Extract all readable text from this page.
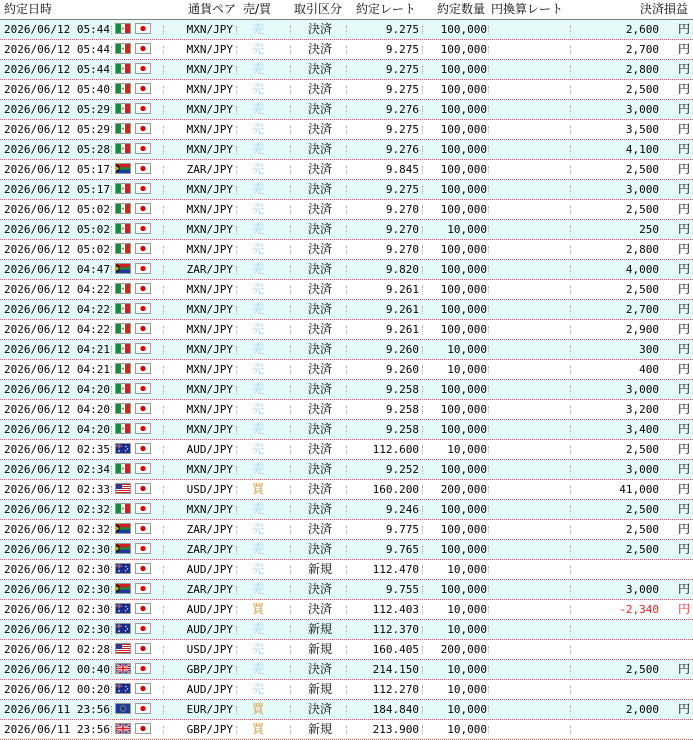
約定日時	通貨ペア 売/買 取引区分 約定レート 約定数量 円換算レート	決済損益
2026/06/12 05:44	MXN/JPY	売	決済	9.275	100,000	2,600	円
2026/06/12 05:44	MXN/JPY	売	決済	9.275	100,000	2,700	円
2026/06/12 05:44	MXN/JPY	売	決済	9.275	100,000	2,800	円
2026/06/12 05:40	MXN/JPY	売	決済	9.275	100,000	2,500	円
2026/06/12 05:29	MXN/JPY	売	決済	9.276	100,000	3,000	円
2026/06/12 05:29	MXN/JPY	売	決済	9.275	100,000	3,500	円
2026/06/12 05:28	MXN/JPY	売	決済	9.276	100,000	4,100	円
2026/06/12 05:17	ZAR/JPY	売	決済	9.845	100,000	2,500	円
2026/06/12 05:17	MXN/JPY	売	決済	9.275	100,000	3,000	円
2026/06/12 05:02	MXN/JPY	売	決済	9.270	100,000	2,500	円
2026/06/12 05:02	MXN/JPY	売	決済	9.270	10,000	250	円
2026/06/12 05:02	MXN/JPY	売	決済	9.270	100,000	2,800	円
2026/06/12 04:47	ZAR/JPY	売	決済	9.820	100,000	4,000	円
2026/06/12 04:22	MXN/JPY	売	決済	9.261	100,000	2,500	円
2026/06/12 04:22	MXN/JPY	売	決済	9.261	100,000	2,700	円
2026/06/12 04:22	MXN/JPY	売	決済	9.261	100,000	2,900	円
2026/06/12 04:21	MXN/JPY	売	決済	9.260	10,000	300	円
2026/06/12 04:21	MXN/JPY	売	決済	9.260	10,000	400	円
2026/06/12 04:20	MXN/JPY	売	決済	9.258	100,000	3,000	円
2026/06/12 04:20	MXN/JPY	売	決済	9.258	100,000	3,200	円
2026/06/12 04:20	MXN/JPY	売	決済	9.258	100,000	3,400	円
2026/06/12 02:35	AUD/JPY	売	決済	112.600	10,000	2,500	円
2026/06/12 02:34	MXN/JPY	売	決済	9.252	100,000	3,000	円
2026/06/12 02:33	USD/JPY	買	決済	160.200	200,000	41,000	円
2026/06/12 02:32	MXN/JPY	売	決済	9.246	100,000	2,500	円
2026/06/12 02:32	ZAR/JPY	売	決済	9.775	100,000	2,500	円
2026/06/12 02:30	ZAR/JPY	売	決済	9.765	100,000	2,500	円
2026/06/12 02:30	AUD/JPY	売	新規	112.470	10,000
2026/06/12 02:30	ZAR/JPY	売	決済	9.755	100,000	3,000	円
2026/06/12 02:30	AUD/JPY	買	決済	112.403	10,000	-2,340	円
2026/06/12 02:30	AUD/JPY	売	新規	112.370	10,000
2026/06/12 02:28	USD/JPY	売	新規	160.405	200,000
2026/06/12 00:40	GBP/JPY	売	決済	214.150	10,000	2,500	円
2026/06/12 00:20	AUD/JPY	売	新規	112.270	10,000
2026/06/11 23:56	EUR/JPY	買	決済	184.840	10,000	2,000	円
2026/06/11 23:56	GBP/JPY	買	新規	213.900	10,000
